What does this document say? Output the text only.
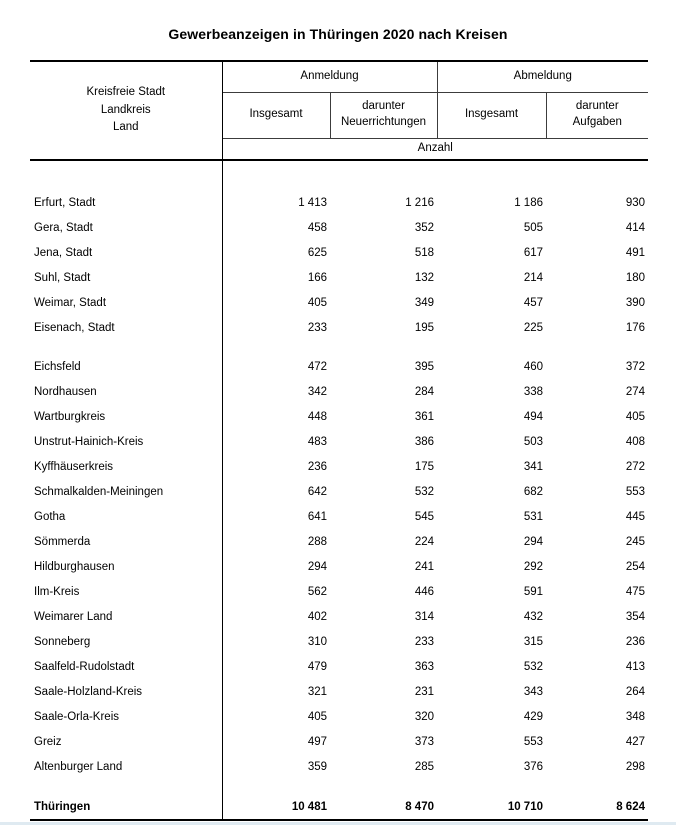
Gewerbeanzeigen in Thüringen 2020 nach Kreisen
Kreisfreie Stadt
Landkreis
Land	Anmeldung		Abmeldung	
	Insgesamt	darunter Neuerrichtungen	Insgesamt	darunter Aufgaben
	Anzahl			

Erfurt, Stadt	1 413	1 216	1 186	930
Gera, Stadt	458	352	505	414
Jena, Stadt	625	518	617	491
Suhl, Stadt	166	132	214	180
Weimar, Stadt	405	349	457	390
Eisenach, Stadt	233	195	225	176

Eichsfeld	472	395	460	372
Nordhausen	342	284	338	274
Wartburgkreis	448	361	494	405
Unstrut-Hainich-Kreis	483	386	503	408
Kyffhäuserkreis	236	175	341	272
Schmalkalden-Meiningen	642	532	682	553
Gotha	641	545	531	445
Sömmerda	288	224	294	245
Hildburghausen	294	241	292	254
Ilm-Kreis	562	446	591	475
Weimarer Land	402	314	432	354
Sonneberg	310	233	315	236
Saalfeld-Rudolstadt	479	363	532	413
Saale-Holzland-Kreis	321	231	343	264
Saale-Orla-Kreis	405	320	429	348
Greiz	497	373	553	427
Altenburger Land	359	285	376	298

Thüringen	10 481	8 470	10 710	8 624
